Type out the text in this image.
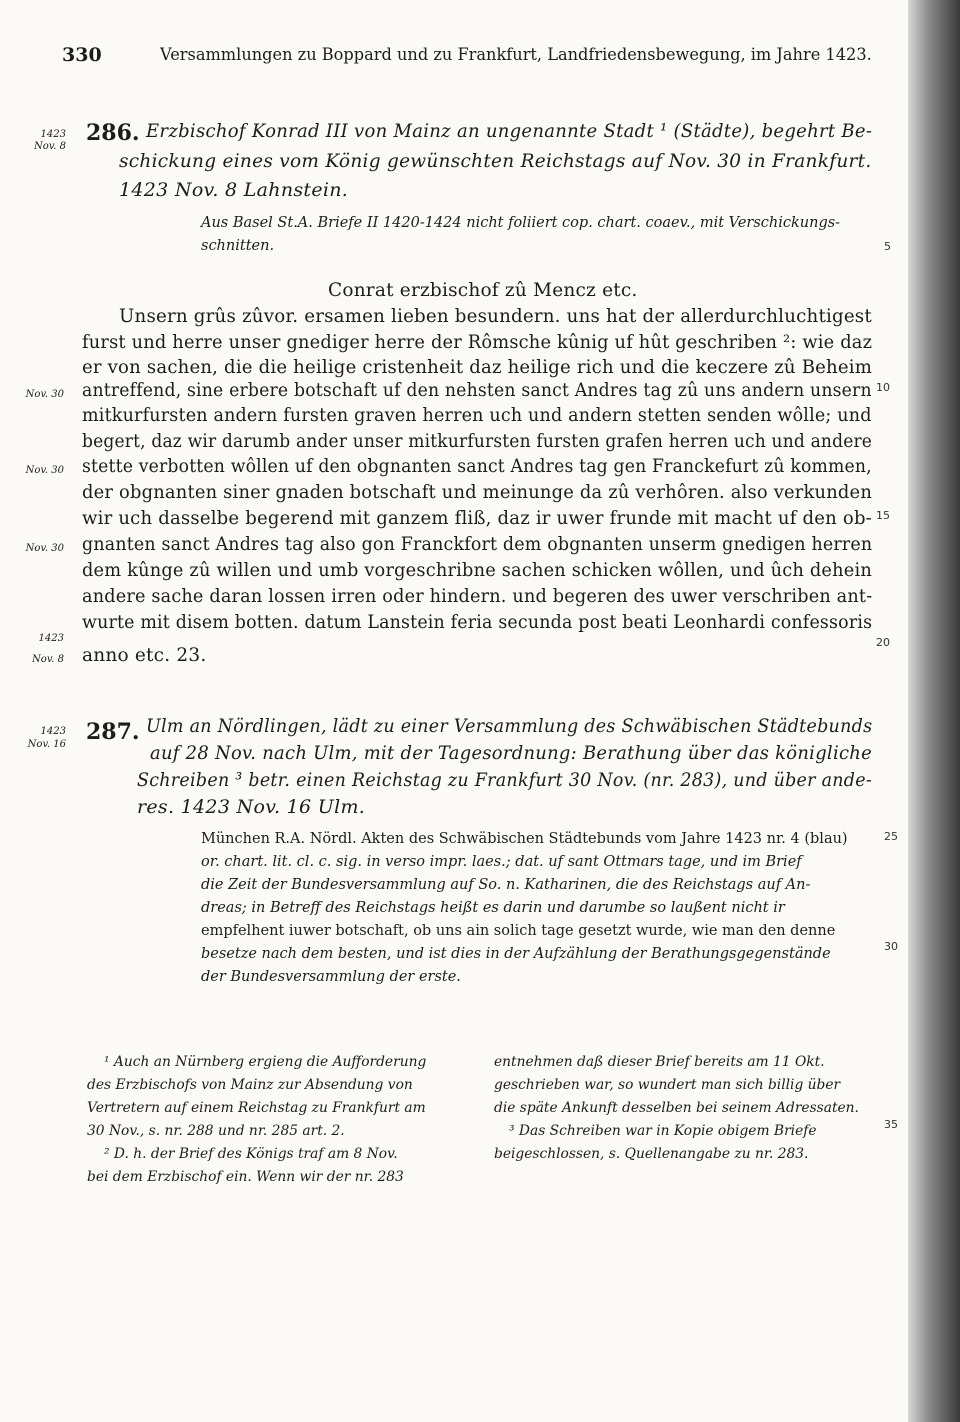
330	Versammlungen zu Boppard und zu Frankfurt, Landfriedensbewegung, im Jahre 1423.
1423
Nov. 8
286. Erzbischof Konrad III von Mainz an ungenannte Stadt ¹ (Städte), begehrt Be-
schickung eines vom König gewünschten Reichstags auf Nov. 30 in Frankfurt.
1423 Nov. 8 Lahnstein.
Aus Basel St.A. Briefe II 1420-1424 nicht foliiert cop. chart. coaev., mit Verschickungs-
schnitten.	5
Conrat erzbischof zû Mencz etc.
Unsern grûs zûvor. ersamen lieben besundern. uns hat der allerdurchluchtigest
furst und herre unser gnediger herre der Rômsche kûnig uf hût geschriben ²: wie daz
er von sachen, die die heilige cristenheit daz heilige rich und die keczere zû Beheim
Nov. 30 antreffend, sine erbere botschaft uf den nehsten sanct Andres tag zû uns andern unsern 10
mitkurfursten andern fursten graven herren uch und andern stetten senden wôlle; und
begert, daz wir darumb ander unser mitkurfursten fursten grafen herren uch und andere
Nov. 30 stette verbotten wôllen uf den obgnanten sanct Andres tag gen Franckefurt zû kommen,
der obgnanten siner gnaden botschaft und meinunge da zû verhôren. also verkunden
wir uch dasselbe begerend mit ganzem fliß, daz ir uwer frunde mit macht uf den ob- 15
Nov. 30 gnanten sanct Andres tag also gon Franckfort dem obgnanten unserm gnedigen herren
dem kûnge zû willen und umb vorgeschribne sachen schicken wôllen, und ûch dehein
andere sache daran lossen irren oder hindern. und begeren des uwer verschriben ant-
wurte mit disem botten. datum Lanstein feria secunda post beati Leonhardi confessoris
1423	20
Nov. 8 anno etc. 23.
1423
Nov. 16 287. Ulm an Nördlingen, lädt zu einer Versammlung des Schwäbischen Städtebunds
auf 28 Nov. nach Ulm, mit der Tagesordnung: Berathung über das königliche
Schreiben ³ betr. einen Reichstag zu Frankfurt 30 Nov. (nr. 283), und über ande-
res. 1423 Nov. 16 Ulm.
München R.A. Nördl. Akten des Schwäbischen Städtebunds vom Jahre 1423 nr. 4 (blau)	25
or. chart. lit. cl. c. sig. in verso impr. laes.; dat. uf sant Ottmars tage, und im Brief
die Zeit der Bundesversammlung auf So. n. Katharinen, die des Reichstags auf An-
dreas; in Betreff des Reichstags heißt es darin und darumbe so laußent nicht ir
empfelhent iuwer botschaft, ob uns ain solich tage gesetzt wurde, wie man den denne
besetze nach dem besten, und ist dies in der Aufzählung der Berathungsgegenstände	30
der Bundesversammlung der erste.
¹ Auch an Nürnberg ergieng die Aufforderung
des Erzbischofs von Mainz zur Absendung von
Vertretern auf einem Reichstag zu Frankfurt am
30 Nov., s. nr. 288 und nr. 285 art. 2.
² D. h. der Brief des Königs traf am 8 Nov.
bei dem Erzbischof ein. Wenn wir der nr. 283
entnehmen daß dieser Brief bereits am 11 Okt.
geschrieben war, so wundert man sich billig über
die späte Ankunft desselben bei seinem Adressaten.
³ Das Schreiben war in Kopie obigem Briefe	35
beigeschlossen, s. Quellenangabe zu nr. 283.
